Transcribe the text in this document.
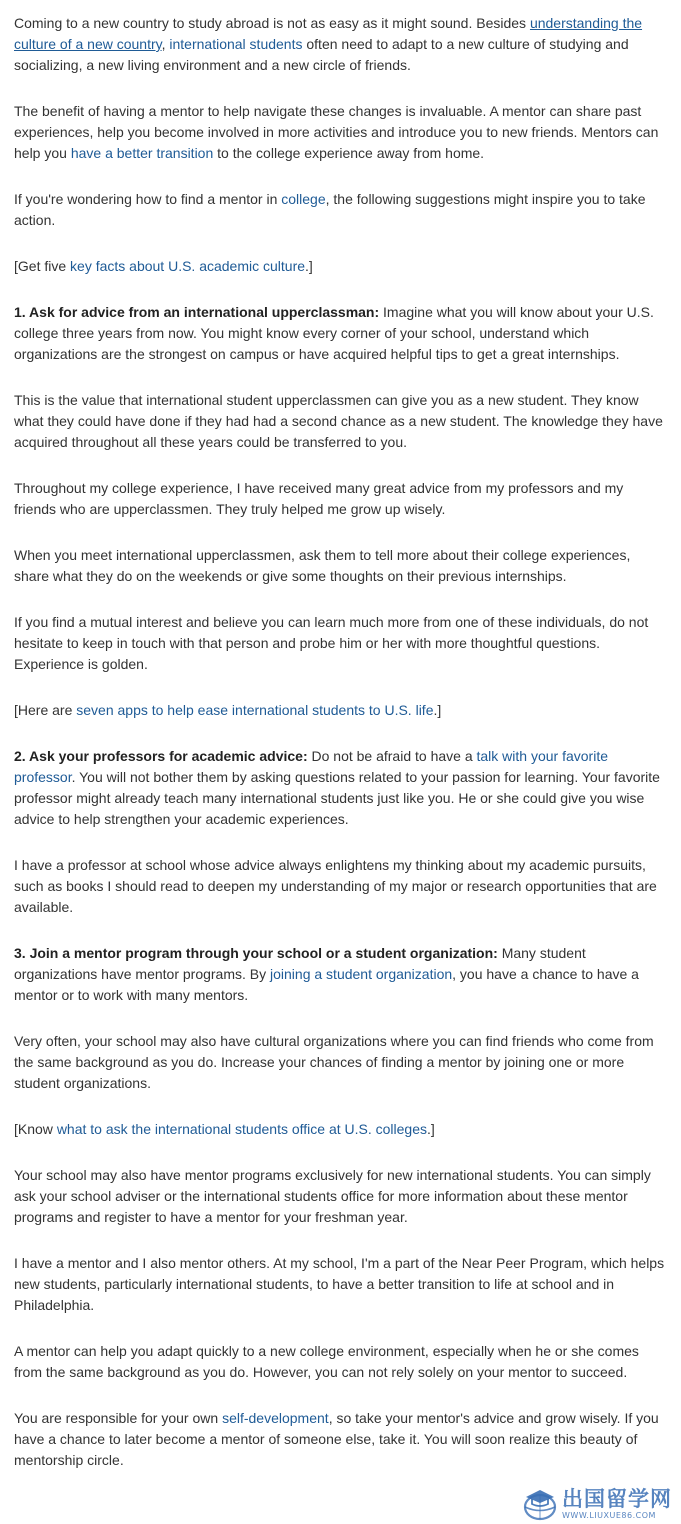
Coming to a new country to study abroad is not as easy as it might sound. Besides understanding the culture of a new country, international students often need to adapt to a new culture of studying and socializing, a new living environment and a new circle of friends.

The benefit of having a mentor to help navigate these changes is invaluable. A mentor can share past experiences, help you become involved in more activities and introduce you to new friends. Mentors can help you have a better transition to the college experience away from home.

If you're wondering how to find a mentor in college, the following suggestions might inspire you to take action.

[Get five key facts about U.S. academic culture.]

1. Ask for advice from an international upperclassman: Imagine what you will know about your U.S. college three years from now. You might know every corner of your school, understand which organizations are the strongest on campus or have acquired helpful tips to get a great internships.

This is the value that international student upperclassmen can give you as a new student. They know what they could have done if they had had a second chance as a new student. The knowledge they have acquired throughout all these years could be transferred to you.

Throughout my college experience, I have received many great advice from my professors and my friends who are upperclassmen. They truly helped me grow up wisely.

When you meet international upperclassmen, ask them to tell more about their college experiences, share what they do on the weekends or give some thoughts on their previous internships.

If you find a mutual interest and believe you can learn much more from one of these individuals, do not hesitate to keep in touch with that person and probe him or her with more thoughtful questions. Experience is golden.

[Here are seven apps to help ease international students to U.S. life.]

2. Ask your professors for academic advice: Do not be afraid to have a talk with your favorite professor. You will not bother them by asking questions related to your passion for learning. Your favorite professor might already teach many international students just like you. He or she could give you wise advice to help strengthen your academic experiences.

I have a professor at school whose advice always enlightens my thinking about my academic pursuits, such as books I should read to deepen my understanding of my major or research opportunities that are available.

3. Join a mentor program through your school or a student organization: Many student organizations have mentor programs. By joining a student organization, you have a chance to have a mentor or to work with many mentors.

Very often, your school may also have cultural organizations where you can find friends who come from the same background as you do. Increase your chances of finding a mentor by joining one or more student organizations.

[Know what to ask the international students office at U.S. colleges.]

Your school may also have mentor programs exclusively for new international students. You can simply ask your school adviser or the international students office for more information about these mentor programs and register to have a mentor for your freshman year.

I have a mentor and I also mentor others. At my school, I'm a part of the Near Peer Program, which helps new students, particularly international students, to have a better transition to life at school and in Philadelphia.

A mentor can help you adapt quickly to a new college environment, especially when he or she comes from the same background as you do. However, you can not rely solely on your mentor to succeed.

You are responsible for your own self-development, so take your mentor's advice and grow wisely. If you have a chance to later become a mentor of someone else, take it. You will soon realize this beauty of mentorship circle.

出国留学网
WWW.LIUXUE86.COM
